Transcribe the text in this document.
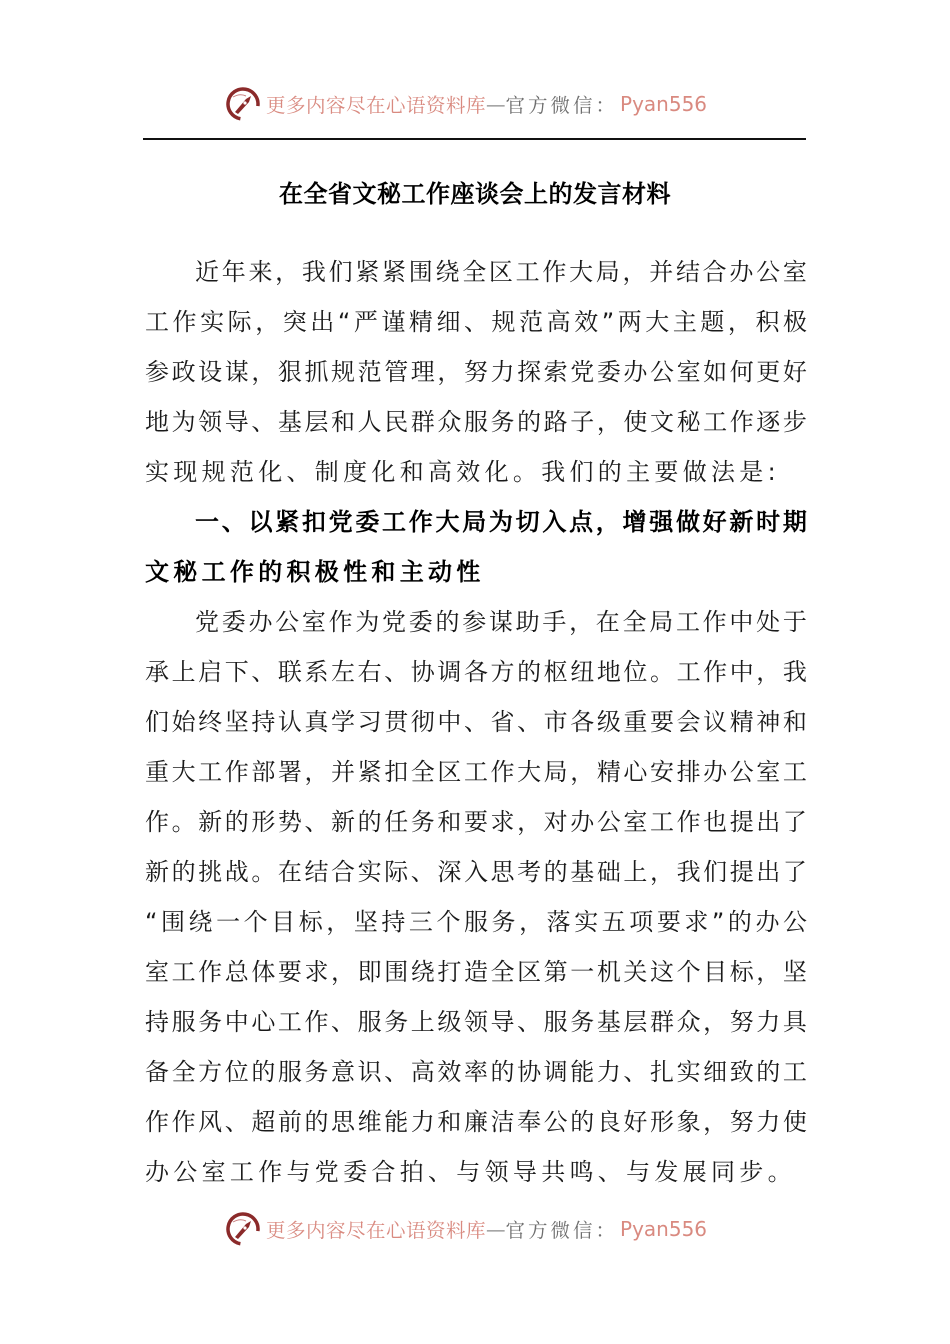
更多内容尽在心语资料库 — 官方微信： Pyan556
在全省文秘工作座谈会上的发言材料
近 年 来 ， 我 们 紧 紧 围 绕 全 区 工 作 大 局 ， 并 结 合 办 公 室
工 作 实 际 ， 突 出 “ 严 谨 精 细 、 规 范 高 效 ” 两 大 主 题 ， 积 极
参 政 设 谋 ， 狠 抓 规 范 管 理 ， 努 力 探 索 党 委 办 公 室 如 何 更 好
地 为 领 导 、 基 层 和 人 民 群 众 服 务 的 路 子 ， 使 文 秘 工 作 逐 步
实现规范化、制度化和高效化。我们的主要做法是:
一 、 以 紧 扣 党 委 工 作 大 局 为 切 入 点 ， 增 强 做 好 新 时 期
文秘工作的积极性和主动性
党 委 办 公 室 作 为 党 委 的 参 谋 助 手 ， 在 全 局 工 作 中 处 于
承 上 启 下 、 联 系 左 右 、 协 调 各 方 的 枢 纽 地 位 。 工 作 中 ， 我
们 始 终 坚 持 认 真 学 习 贯 彻 中 、 省 、 市 各 级 重 要 会 议 精 神 和
重 大 工 作 部 署 ， 并 紧 扣 全 区 工 作 大 局 ， 精 心 安 排 办 公 室 工
作 。 新 的 形 势 、 新 的 任 务 和 要 求 ， 对 办 公 室 工 作 也 提 出 了
新 的 挑 战 。 在 结 合 实 际 、 深 入 思 考 的 基 础 上 ， 我 们 提 出 了
“ 围 绕 一 个 目 标 ， 坚 持 三 个 服 务 ， 落 实 五 项 要 求 ” 的 办 公
室 工 作 总 体 要 求 ， 即 围 绕 打 造 全 区 第 一 机 关 这 个 目 标 ， 坚
持 服 务 中 心 工 作 、 服 务 上 级 领 导 、 服 务 基 层 群 众 ， 努 力 具
备 全 方 位 的 服 务 意 识 、 高 效 率 的 协 调 能 力 、 扎 实 细 致 的 工
作 作 风 、 超 前 的 思 维 能 力 和 廉 洁 奉 公 的 良 好 形 象 ， 努 力 使
办公室工作与党委合拍、与领导共鸣、与发展同步。
更多内容尽在心语资料库 — 官方微信： Pyan556
